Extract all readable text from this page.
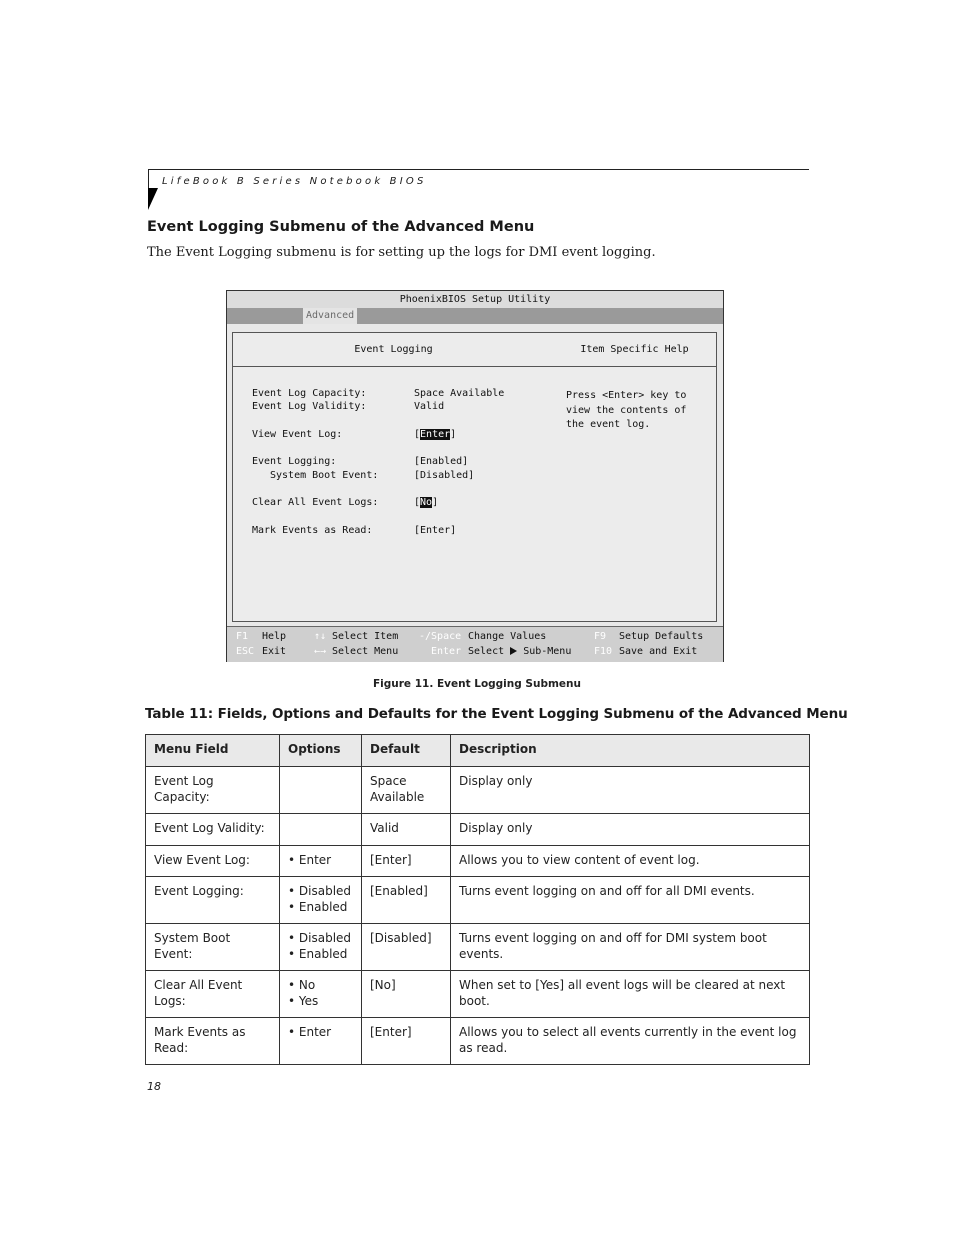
LifeBook B Series Notebook BIOS
Event Logging Submenu of the Advanced Menu
The Event Logging submenu is for setting up the logs for DMI event logging.
PhoenixBIOS Setup Utility
Advanced
Event Logging
Event Log Capacity:	Space Available
Event Log Validity:	Valid
View Event Log:	[Enter]
Event Logging:	[Enabled]
System Boot Event:	[Disabled]
Clear All Event Logs:	[No]
Mark Events as Read:	[Enter]
Item Specific Help
Press <Enter> key to
view the contents of
the event log.
F1 Help	↑↓ Select Item -/Space Change Values	F9 Setup Defaults
ESC Exit	←→ Select Menu	Enter Select Sub-Menu F10 Save and Exit
Figure 11. Event Logging Submenu
Table 11: Fields, Options and Defaults for the Event Logging Submenu of the Advanced Menu
Menu Field	Options	Default	Description
Event Log Capacity:		Space Available	Display only
Event Log Validity:		Valid	Display only
View Event Log:	• Enter	[Enter]	Allows you to view content of event log.
Event Logging:	• Disabled
• Enabled	[Enabled]	Turns event logging on and off for all DMI events.
System Boot Event:	• Disabled
• Enabled	[Disabled]	Turns event logging on and off for DMI system boot events.
Clear All Event Logs:	• No
• Yes	[No]	When set to [Yes] all event logs will be cleared at next boot.
Mark Events as Read:	• Enter	[Enter]	Allows you to select all events currently in the event log as read.
18
